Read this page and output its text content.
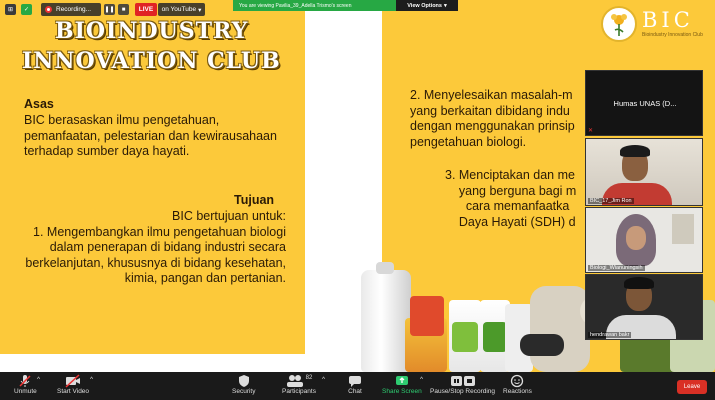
BIOINDUSTRY
INNOVATION CLUB
Asas
BIC berasaskan ilmu pengetahuan, pemanfaatan, pelestarian dan kewirausahaan terhadap sumber daya hayati.
Tujuan
BIC bertujuan untuk:
1. Mengembangkan ilmu pengetahuan biologi dalam penerapan di bidang industri secara berkelanjutan, khususnya di bidang kesehatan, kimia, pangan dan pertanian.
2. Menyelesaikan masalah-m
yang berkaitan dibidang indu
dengan menggunakan prinsip
pengetahuan biologi.
3. Menciptakan dan me
yang berguna bagi m
cara memanfaatka
Daya Hayati (SDH) d
BIC
Bioindustry Innovation Club
⊞	✓	Recording... ❚❚	■	LIVE	on YouTube ▾
You are viewing Pavilia_39_Adella Trismo's screen	View Options ▾
Humas UNAS (D...
✕
BIC_17_Jim Ron
Biologi_Wianuningsih
hendrawan bakr
Unmute
^
Start Video
^
Security
82
Participants
^
Chat	Share Screen
^
Pause/Stop Recording Reactions
Leave
